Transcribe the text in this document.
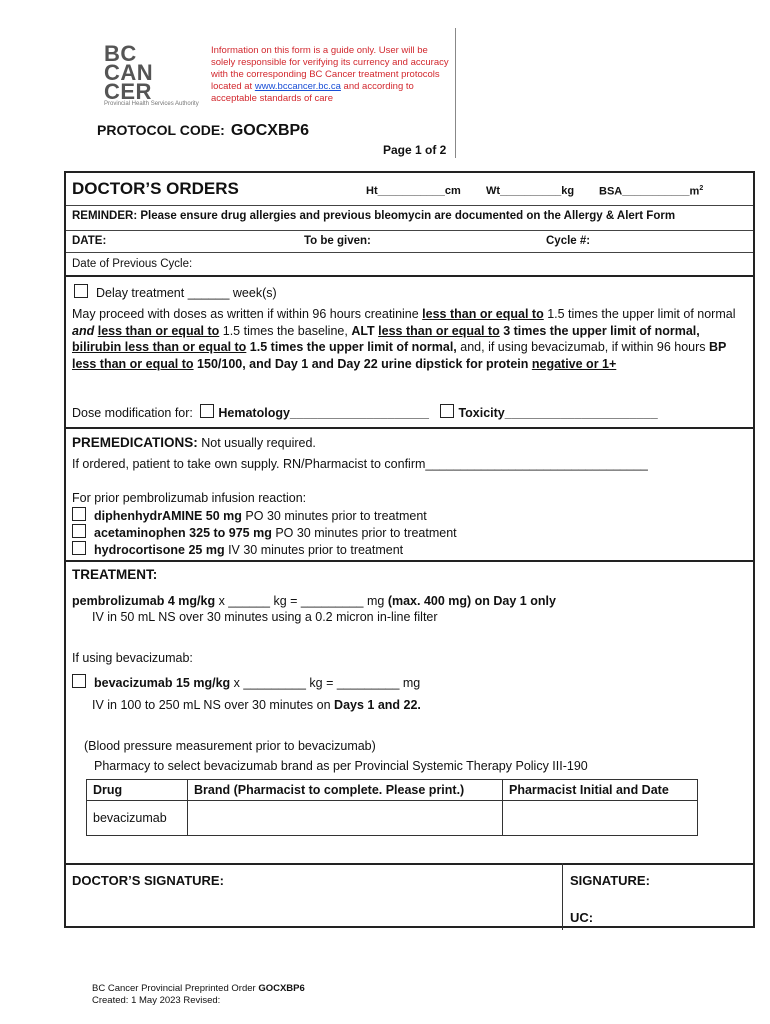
BC
CAN
CER
Provincial Health Services Authority
Information on this form is a guide only. User will be solely responsible for verifying its currency and accuracy with the corresponding BC Cancer treatment protocols located at www.bccancer.bc.ca and according to acceptable standards of care
PROTOCOL CODE: GOCXBP6
Page 1 of 2
DOCTOR’S ORDERS	Ht___________cm Wt__________kg $BSA\_\_\_\_\_\_\_\_\_\_\_m^2$
REMINDER: Please ensure drug allergies and previous bleomycin are documented on the Allergy & Alert Form
DATE:	To be given:	Cycle #:
Date of Previous Cycle:
Delay treatment ______ week(s)
May proceed with doses as written if within 96 hours creatinine less than or equal to 1.5 times the upper limit of normal and less than or equal to 1.5 times the baseline, ALT less than or equal to 3 times the upper limit of normal, bilirubin less than or equal to 1.5 times the upper limit of normal, and, if using bevacizumab, if within 96 hours BP less than or equal to 150/100, and Day 1 and Day 22 urine dipstick for protein negative or 1+
Dose modification for: Hematology____________________ Toxicity______________________
PREMEDICATIONS: Not usually required.
If ordered, patient to take own supply. RN/Pharmacist to confirm________________________________
For prior pembrolizumab infusion reaction:
diphenhydrAMINE 50 mg PO 30 minutes prior to treatment
acetaminophen 325 to 975 mg PO 30 minutes prior to treatment
hydrocortisone 25 mg IV 30 minutes prior to treatment
TREATMENT:
pembrolizumab 4 mg/kg x ______ kg = _________ mg (max. 400 mg) on Day 1 only
IV in 50 mL NS over 30 minutes using a 0.2 micron in-line filter
If using bevacizumab:
bevacizumab 15 mg/kg x _________ kg = _________ mg
IV in 100 to 250 mL NS over 30 minutes on Days 1 and 22.
(Blood pressure measurement prior to bevacizumab)
Pharmacy to select bevacizumab brand as per Provincial Systemic Therapy Policy III-190
Drug	Brand (Pharmacist to complete. Please print.)	Pharmacist Initial and Date
bevacizumab		
DOCTOR’S SIGNATURE:	SIGNATURE:
UC:
BC Cancer Provincial Preprinted Order GOCXBP6
Created: 1 May 2023 Revised:
